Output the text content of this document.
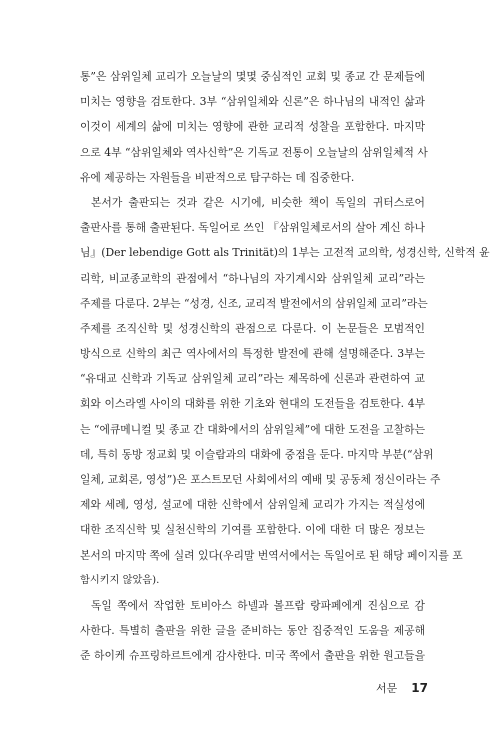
통”은 삼위일체 교리가 오늘날의 몇몇 중심적인 교회 및 종교 간 문제들에
미치는 영향을 검토한다. 3부 “삼위일체와 신론”은 하나님의 내적인 삶과
이것이 세계의 삶에 미치는 영향에 관한 교리적 성찰을 포함한다. 마지막
으로 4부 “삼위일체와 역사신학”은 기독교 전통이 오늘날의 삼위일체적 사
유에 제공하는 자원들을 비판적으로 탐구하는 데 집중한다.
본서가 출판되는 것과 같은 시기에, 비슷한 책이 독일의 귀터스로어
출판사를 통해 출판된다. 독일어로 쓰인 『삼위일체로서의 살아 계신 하나
님』(Der lebendige Gott als Trinität)의 1부는 고전적 교의학, 성경신학, 신학적 윤
리학, 비교종교학의 관점에서 “하나님의 자기계시와 삼위일체 교리”라는
주제를 다룬다. 2부는 “성경, 신조, 교리적 발전에서의 삼위일체 교리”라는
주제를 조직신학 및 성경신학의 관점으로 다룬다. 이 논문들은 모범적인
방식으로 신학의 최근 역사에서의 특정한 발전에 관해 설명해준다. 3부는
“유대교 신학과 기독교 삼위일체 교리”라는 제목하에 신론과 관련하여 교
회와 이스라엘 사이의 대화를 위한 기초와 현대의 도전들을 검토한다. 4부
는 “에큐메니컬 및 종교 간 대화에서의 삼위일체”에 대한 도전을 고찰하는
데, 특히 동방 정교회 및 이슬람과의 대화에 중점을 둔다. 마지막 부분(“삼위
일체, 교회론, 영성”)은 포스트모던 사회에서의 예배 및 공동체 정신이라는 주
제와 세례, 영성, 설교에 대한 신학에서 삼위일체 교리가 가지는 적실성에
대한 조직신학 및 실천신학의 기여를 포함한다. 이에 대한 더 많은 정보는
본서의 마지막 쪽에 실려 있다(우리말 번역서에서는 독일어로 된 해당 페이지를 포
함시키지 않았음).
독일 쪽에서 작업한 토비아스 하넬과 볼프람 랑파페에게 진심으로 감
사한다. 특별히 출판을 위한 글을 준비하는 동안 집중적인 도움을 제공해
준 하이케 슈프링하르트에게 감사한다. 미국 쪽에서 출판을 위한 원고들을
서문 17
